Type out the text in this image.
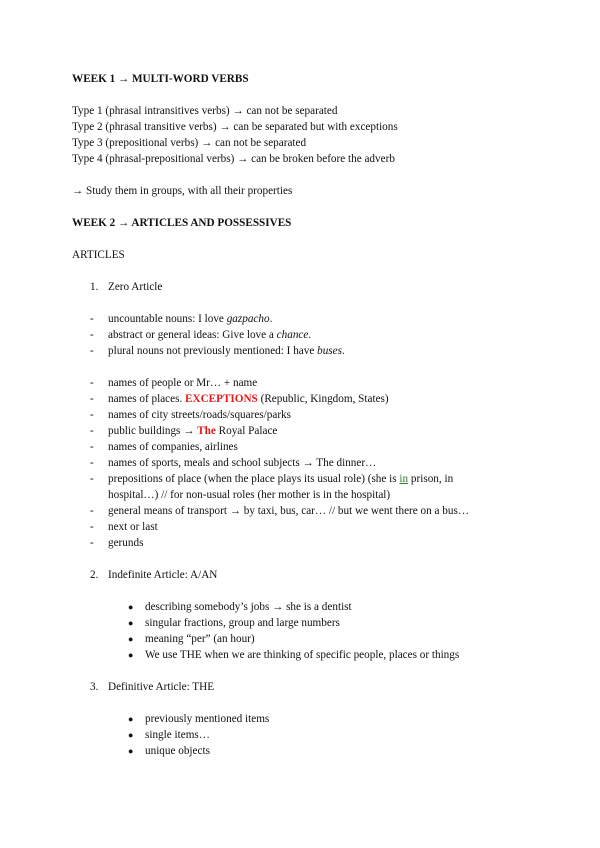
WEEK 1 → MULTI-WORD VERBS
Type 1 (phrasal intransitives verbs) → can not be separated
Type 2 (phrasal transitive verbs) → can be separated but with exceptions
Type 3 (prepositional verbs) → can not be separated
Type 4 (phrasal-prepositional verbs) → can be broken before the adverb
→ Study them in groups, with all their properties
WEEK 2 → ARTICLES AND POSSESSIVES
ARTICLES
1. Zero Article
- uncountable nouns: I love gazpacho.
- abstract or general ideas: Give love a chance.
- plural nouns not previously mentioned: I have buses.
- names of people or Mr… + name
- names of places. EXCEPTIONS (Republic, Kingdom, States)
- names of city streets/roads/squares/parks
- public buildings → The Royal Palace
- names of companies, airlines
- names of sports, meals and school subjects → The dinner…
- prepositions of place (when the place plays its usual role) (she is in prison, in
hospital…) // for non-usual roles (her mother is in the hospital)
- general means of transport → by taxi, bus, car… // but we went there on a bus…
- next or last
- gerunds
2. Indefinite Article: A/AN
● describing somebody’s jobs → she is a dentist
● singular fractions, group and large numbers
● meaning “per” (an hour)
● We use THE when we are thinking of specific people, places or things
3. Definitive Article: THE
● previously mentioned items
● single items…
● unique objects
